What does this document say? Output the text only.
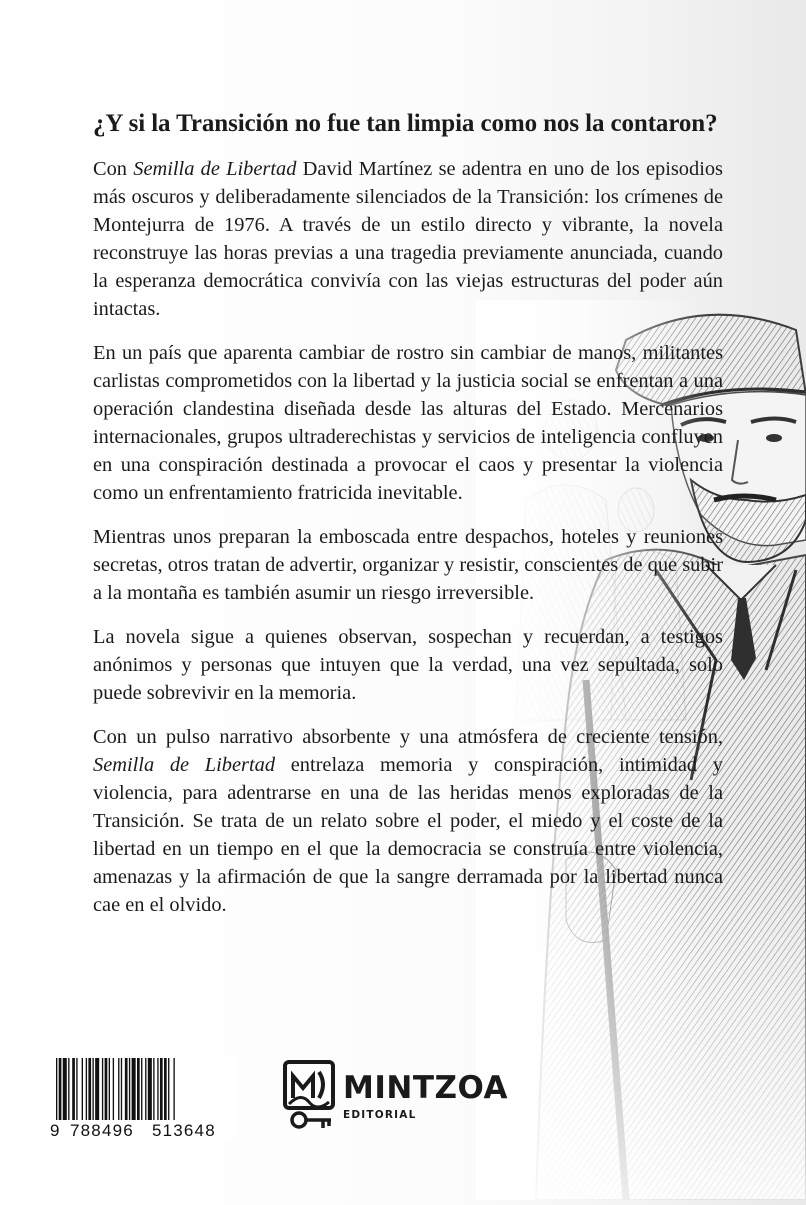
¿Y si la Transición no fue tan limpia como nos la contaron?

Con Semilla de Libertad David Martínez se adentra en uno de los episodios más oscuros y deliberadamente silenciados de la Transición: los crímenes de Montejurra de 1976. A través de un estilo directo y vibrante, la novela reconstruye las horas previas a una tragedia previamente anunciada, cuando la esperanza democrática convivía con las viejas estructuras del poder aún intactas.

En un país que aparenta cambiar de rostro sin cambiar de manos, militantes carlistas comprometidos con la libertad y la justicia social se enfrentan a una operación clandestina diseñada desde las alturas del Estado. Mercenarios internacionales, grupos ultraderechistas y servicios de inteligencia confluyen en una conspiración destinada a provocar el caos y presentar la violencia como un enfrentamiento fratricida inevitable.

Mientras unos preparan la emboscada entre despachos, hoteles y reuniones secretas, otros tratan de advertir, organizar y resistir, conscientes de que subir a la montaña es también asumir un riesgo irreversible.

La novela sigue a quienes observan, sospechan y recuerdan, a testigos anónimos y personas que intuyen que la verdad, una vez sepultada, solo puede sobrevivir en la memoria.

Con un pulso narrativo absorbente y una atmósfera de creciente tensión, Semilla de Libertad entrelaza memoria y conspiración, intimidad y violencia, para adentrarse en una de las heridas menos exploradas de la Transición. Se trata de un relato sobre el poder, el miedo y el coste de la libertad en un tiempo en el que la democracia se construía entre violencia, amenazas y la afirmación de que la sangre derramada por la libertad nunca cae en el olvido.

9 788496 513648
MINTZOA
EDITORIAL
